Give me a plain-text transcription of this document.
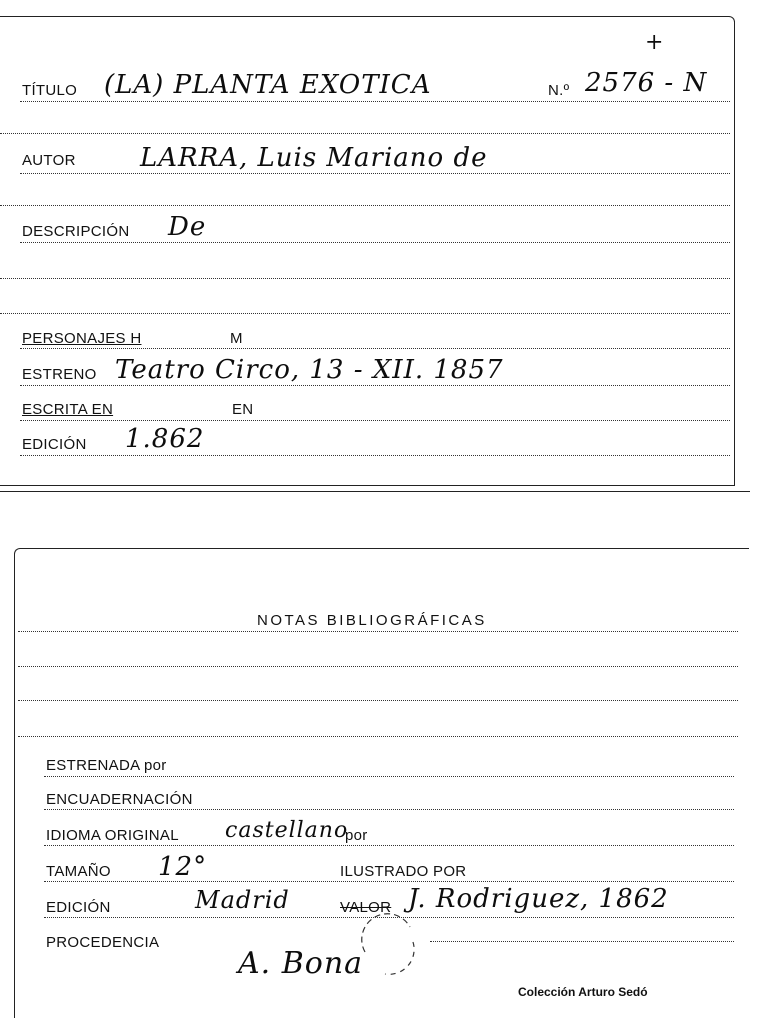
+
TÍTULO (LA) PLANTA EXOTICA	N.º 2576 - N
AUTOR LARRA, Luis Mariano de
DESCRIPCIÓN De
PERSONAJES H	M
ESTRENO Teatro Circo, 13 - XII. 1857
ESCRITA EN	EN
EDICIÓN 1.862
NOTAS BIBLIOGRÁFICAS
ESTRENADA por
ENCUADERNACIÓN
IDIOMA ORIGINAL castellano
por
TAMAÑO 12°	ILUSTRADO POR
EDICIÓN	Madrid	VALOR J. Rodriguez, 1862
PROCEDENCIA
A. Bona
Colección Arturo Sedó
